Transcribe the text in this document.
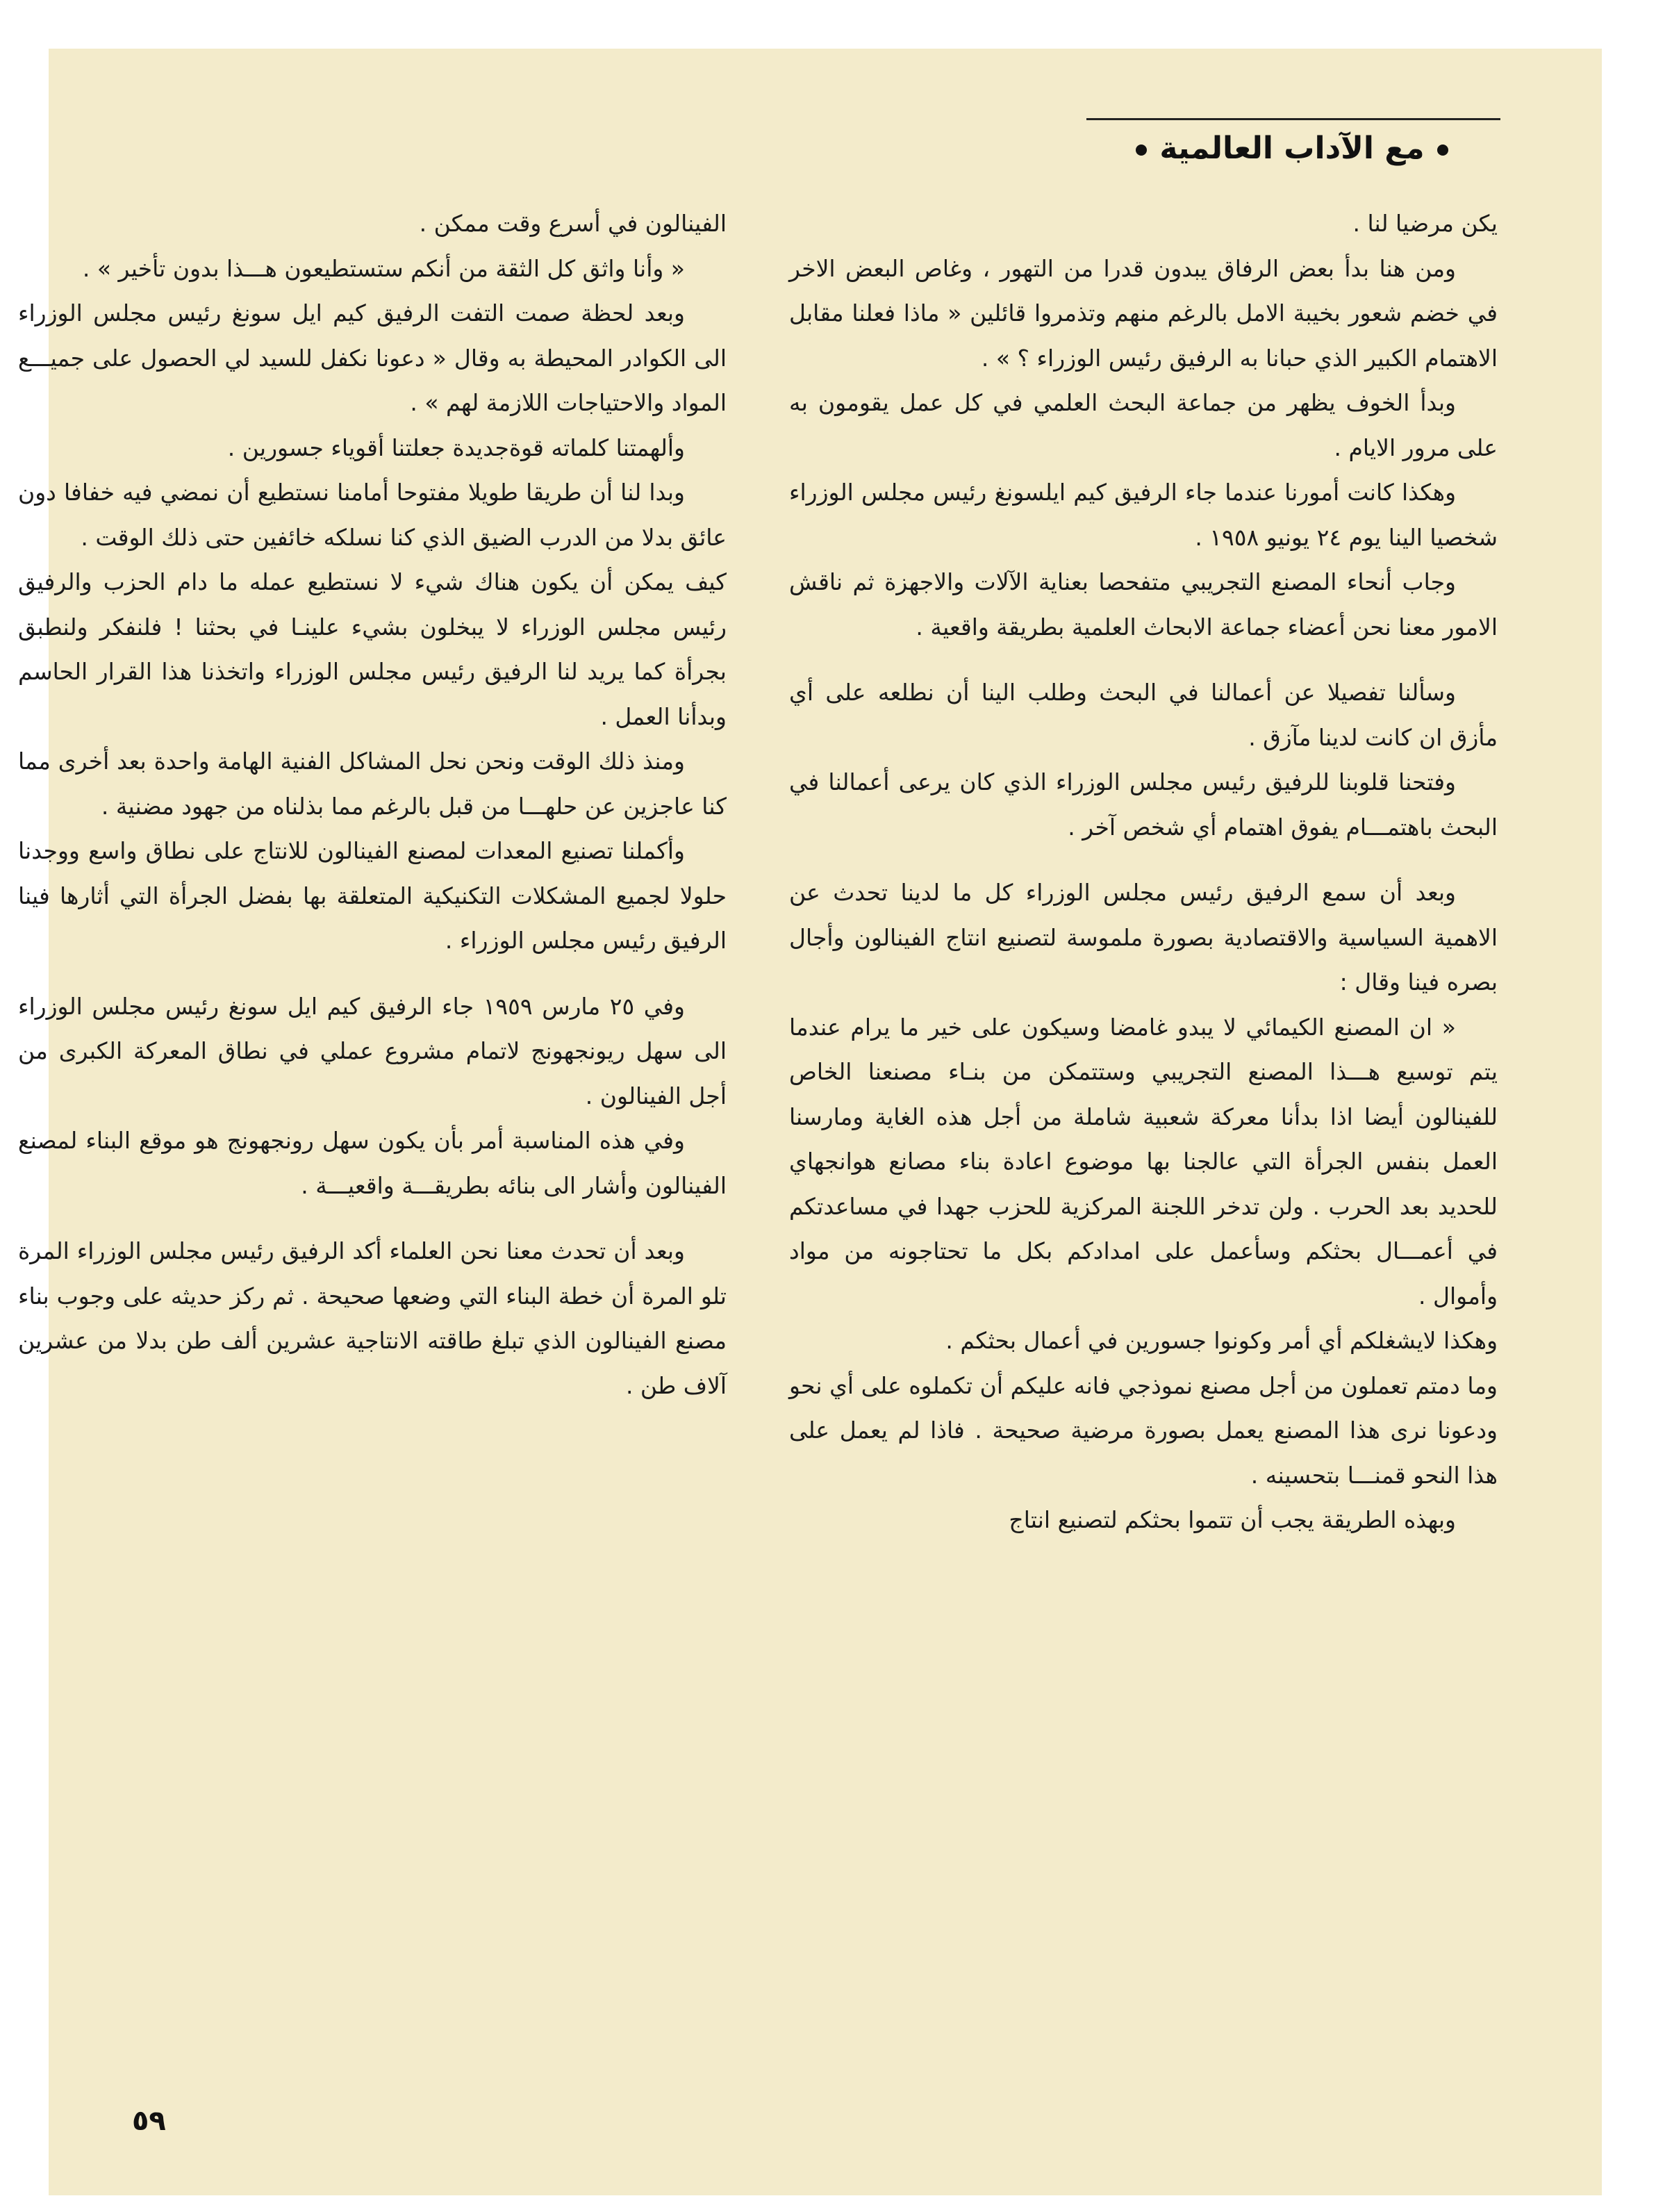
مع الآداب العالمية

يكن مرضيا لنا .

ومن هنا بدأ بعض الرفاق يبدون قدرا من التهور ، وغاص البعض الاخر في خضم شعور بخيبة الامل بالرغم منهم وتذمروا قائلين « ماذا فعلنا مقابل الاهتمام الكبير الذي حبانا به الرفيق رئيس الوزراء ؟ » .

وبدأ الخوف يظهر من جماعة البحث العلمي في كل عمل يقومون به على مرور الايام .

وهكذا كانت أمورنا عندما جاء الرفيق كيم ايلسونغ رئيس مجلس الوزراء شخصيا الينا يوم ٢٤ يونيو ١٩٥٨ .

وجاب أنحاء المصنع التجريبي متفحصا بعناية الآلات والاجهزة ثم ناقش الامور معنا نحن أعضاء جماعة الابحاث العلمية بطريقة واقعية .

وسألنا تفصيلا عن أعمالنا في البحث وطلب الينا أن نطلعه على أي مأزق ان كانت لدينا مآزق .

وفتحنا قلوبنا للرفيق رئيس مجلس الوزراء الذي كان يرعى أعمالنا في البحث باهتمـــام يفوق اهتمام أي شخص آخر .

وبعد أن سمع الرفيق رئيس مجلس الوزراء كل ما لدينا تحدث عن الاهمية السياسية والاقتصادية بصورة ملموسة لتصنيع انتاج الفينالون وأجال بصره فينا وقال :

« ان المصنع الكيمائي لا يبدو غامضا وسيكون على خير ما يرام عندما يتم توسيع هـــذا المصنع التجريبي وستتمكن من بنـاء مصنعنا الخاص للفينالون أيضا اذا بدأنا معركة شعبية شاملة من أجل هذه الغاية ومارسنا العمل بنفس الجرأة التي عالجنا بها موضوع اعادة بناء مصانع هوانجهاي للحديد بعد الحرب . ولن تدخر اللجنة المركزية للحزب جهدا في مساعدتكم في أعمـــال بحثكم وسأعمل على امدادكم بكل ما تحتاجونه من مواد وأموال .

وهكذا لايشغلكم أي أمر وكونوا جسورين في أعمال بحثكم .

وما دمتم تعملون من أجل مصنع نموذجي فانه عليكم أن تكملوه على أي نحو ودعونا نرى هذا المصنع يعمل بصورة مرضية صحيحة . فاذا لم يعمل على هذا النحو قمنـــا بتحسينه .

وبهذه الطريقة يجب أن تتموا بحثكم لتصنيع انتاج

الفينالون في أسرع وقت ممكن .

« وأنا واثق كل الثقة من أنكم ستستطيعون هـــذا بدون تأخير » .

وبعد لحظة صمت التفت الرفيق كيم ايل سونغ رئيس مجلس الوزراء الى الكوادر المحيطة به وقال « دعونا نكفل للسيد لي الحصول على جميـــع المواد والاحتياجات اللازمة لهم » .

وألهمتنا كلماته قوةجديدة جعلتنا أقوياء جسورين .

وبدا لنا أن طريقا طويلا مفتوحا أمامنا نستطيع أن نمضي فيه خفافا دون عائق بدلا من الدرب الضيق الذي كنا نسلكه خائفين حتى ذلك الوقت .

كيف يمكن أن يكون هناك شيء لا نستطيع عمله ما دام الحزب والرفيق رئيس مجلس الوزراء لا يبخلون بشيء علينـا في بحثنا ! فلنفكر ولنطبق بجرأة كما يريد لنا الرفيق رئيس مجلس الوزراء واتخذنا هذا القرار الحاسم وبدأنا العمل .

ومنذ ذلك الوقت ونحن نحل المشاكل الفنية الهامة واحدة بعد أخرى مما كنا عاجزين عن حلهـــا من قبل بالرغم مما بذلناه من جهود مضنية .

وأكملنا تصنيع المعدات لمصنع الفينالون للانتاج على نطاق واسع ووجدنا حلولا لجميع المشكلات التكنيكية المتعلقة بها بفضل الجرأة التي أثارها فينا الرفيق رئيس مجلس الوزراء .

وفي ٢٥ مارس ١٩٥٩ جاء الرفيق كيم ايل سونغ رئيس مجلس الوزراء الى سهل ريونجهونج لاتمام مشروع عملي في نطاق المعركة الكبرى من أجل الفينالون .

وفي هذه المناسبة أمر بأن يكون سهل رونجهونج هو موقع البناء لمصنع الفينالون وأشار الى بنائه بطريقـــة واقعيـــة .

وبعد أن تحدث معنا نحن العلماء أكد الرفيق رئيس مجلس الوزراء المرة تلو المرة أن خطة البناء التي وضعها صحيحة . ثم ركز حديثه على وجوب بناء مصنع الفينالون الذي تبلغ طاقته الانتاجية عشرين ألف طن بدلا من عشرين آلاف طن .

٥٩
